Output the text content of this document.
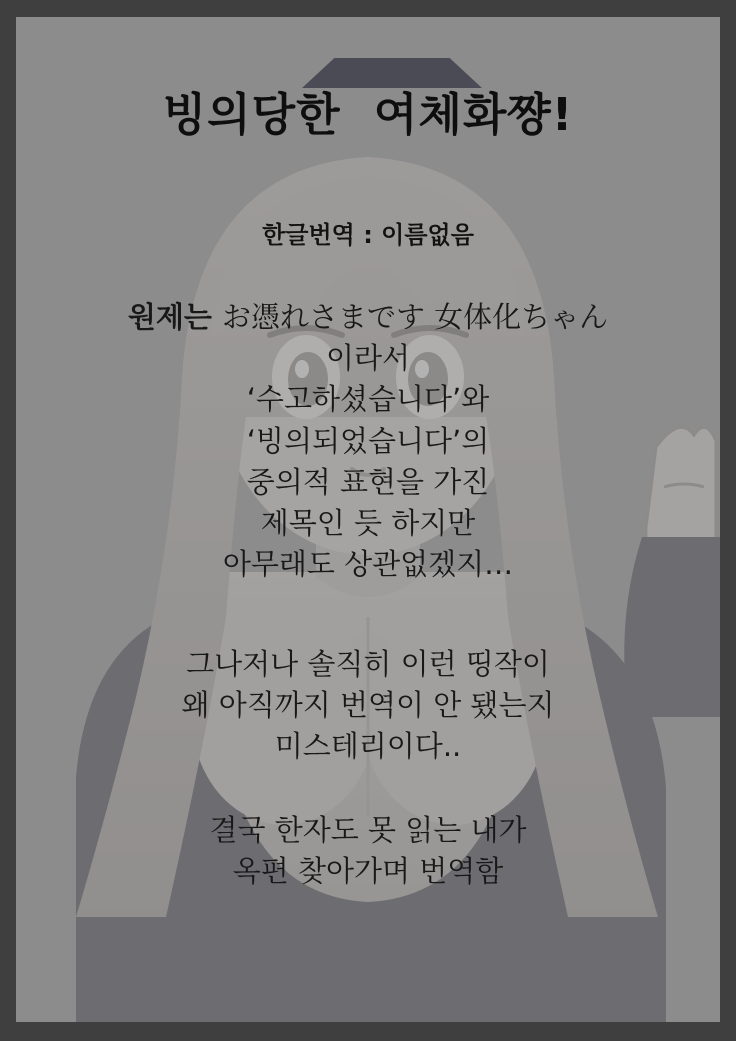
빙의당한  여체화쨩!
한글번역 : 이름없음
원제는 お憑れさまです 女体化ちゃん
이라서
‘수고하셨습니다’와
‘빙의되었습니다’의
중의적 표현을 가진
제목인 듯 하지만
아무래도 상관없겠지…
그나저나 솔직히 이런 띵작이
왜 아직까지 번역이 안 됐는지
미스테리이다..
결국 한자도 못 읽는 내가
옥편 찾아가며 번역함
